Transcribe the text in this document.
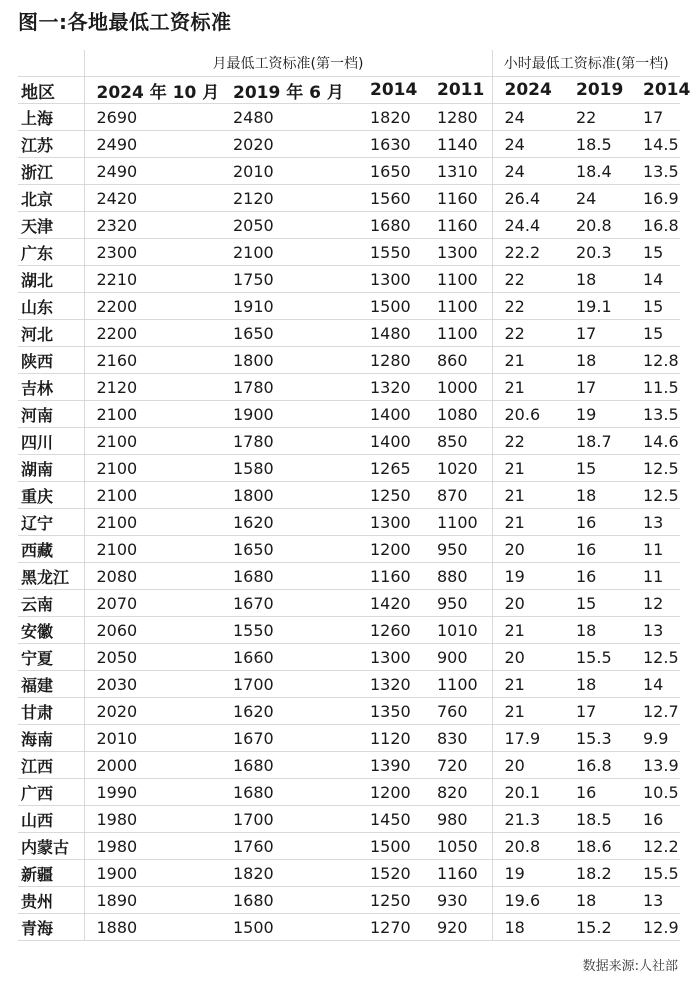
图一:各地最低工资标准
	月最低工资标准(第一档)				小时最低工资标准(第一档)		
地区	2024 年 10 月	2019 年 6 月	2014	2011	2024	2019	2014
上海	2690	2480	1820	1280	24	22	17
江苏	2490	2020	1630	1140	24	18.5	14.5
浙江	2490	2010	1650	1310	24	18.4	13.5
北京	2420	2120	1560	1160	26.4	24	16.9
天津	2320	2050	1680	1160	24.4	20.8	16.8
广东	2300	2100	1550	1300	22.2	20.3	15
湖北	2210	1750	1300	1100	22	18	14
山东	2200	1910	1500	1100	22	19.1	15
河北	2200	1650	1480	1100	22	17	15
陕西	2160	1800	1280	860	21	18	12.8
吉林	2120	1780	1320	1000	21	17	11.5
河南	2100	1900	1400	1080	20.6	19	13.5
四川	2100	1780	1400	850	22	18.7	14.6
湖南	2100	1580	1265	1020	21	15	12.5
重庆	2100	1800	1250	870	21	18	12.5
辽宁	2100	1620	1300	1100	21	16	13
西藏	2100	1650	1200	950	20	16	11
黑龙江	2080	1680	1160	880	19	16	11
云南	2070	1670	1420	950	20	15	12
安徽	2060	1550	1260	1010	21	18	13
宁夏	2050	1660	1300	900	20	15.5	12.5
福建	2030	1700	1320	1100	21	18	14
甘肃	2020	1620	1350	760	21	17	12.7
海南	2010	1670	1120	830	17.9	15.3	9.9
江西	2000	1680	1390	720	20	16.8	13.9
广西	1990	1680	1200	820	20.1	16	10.5
山西	1980	1700	1450	980	21.3	18.5	16
内蒙古	1980	1760	1500	1050	20.8	18.6	12.2
新疆	1900	1820	1520	1160	19	18.2	15.5
贵州	1890	1680	1250	930	19.6	18	13
青海	1880	1500	1270	920	18	15.2	12.9
数据来源:人社部
